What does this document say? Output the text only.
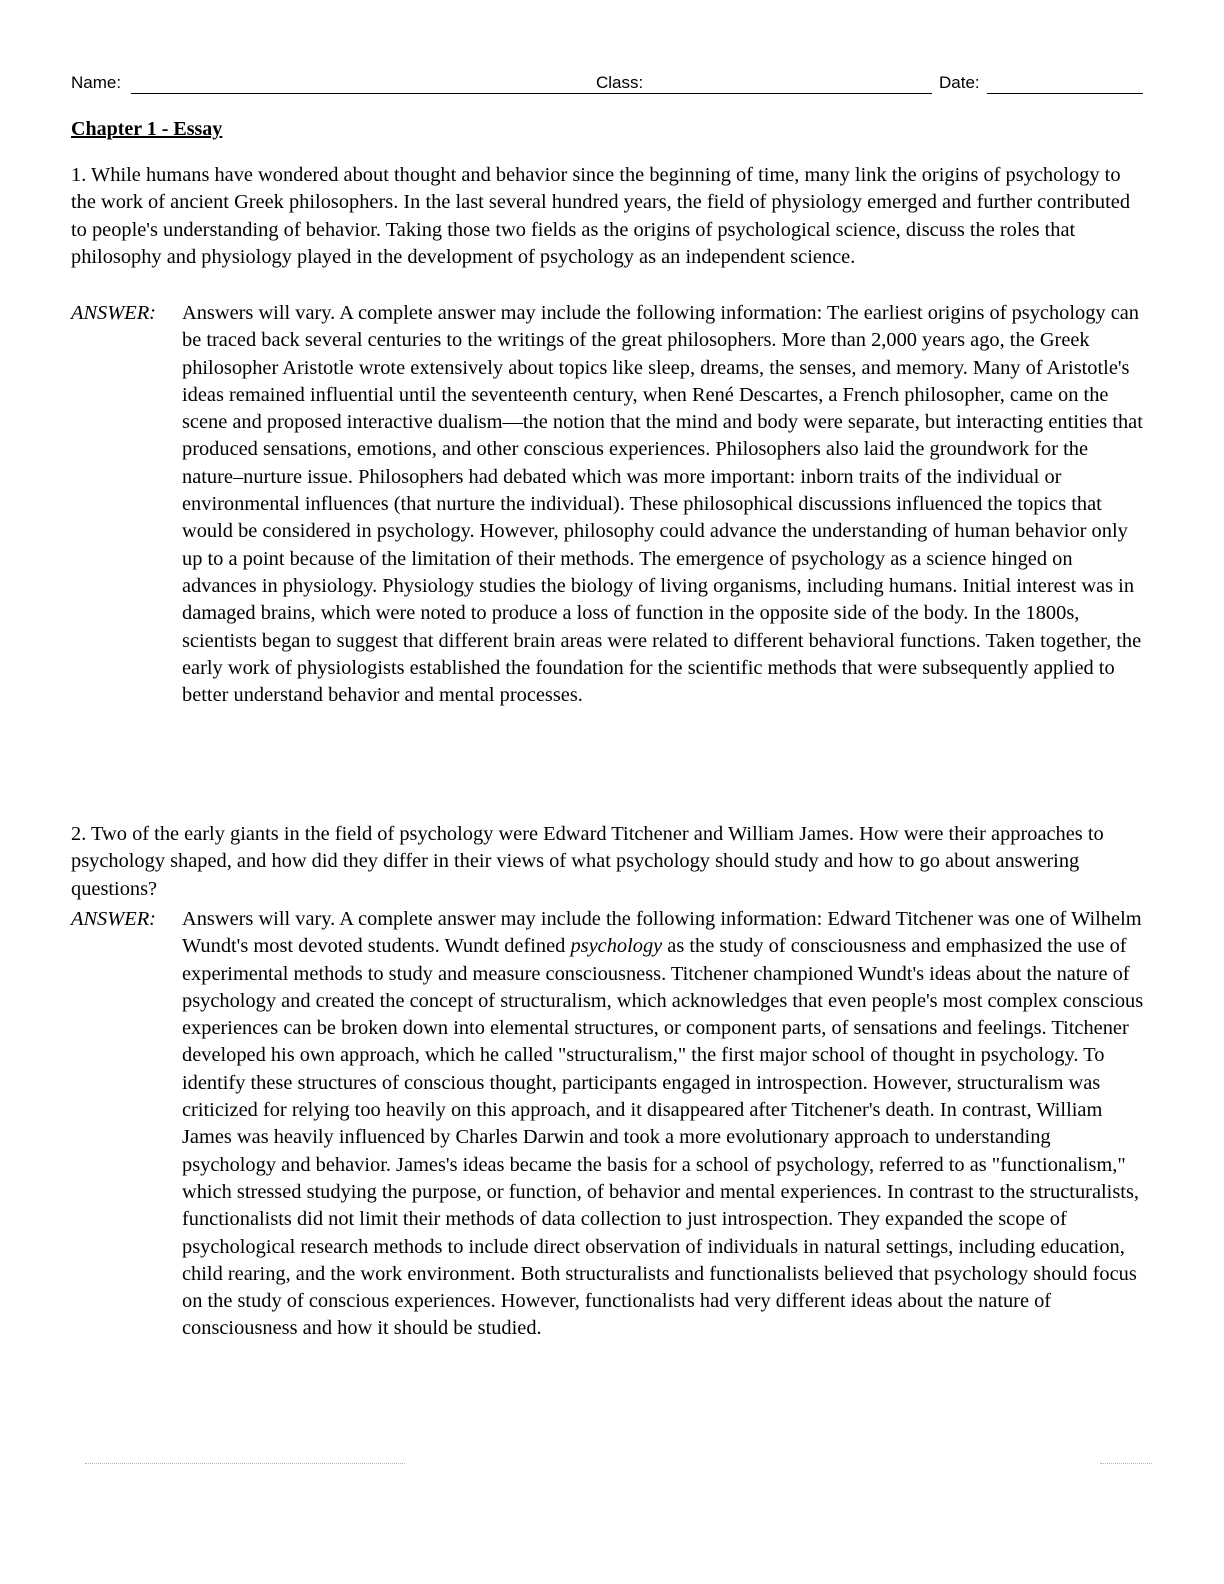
Name:	Class:	Date:
Chapter 1 - Essay

1. While humans have wondered about thought and behavior since the beginning of time, many link the origins of psychology to the work of ancient Greek philosophers. In the last several hundred years, the field of physiology emerged and further contributed to people's understanding of behavior. Taking those two fields as the origins of psychological science, discuss the roles that philosophy and physiology played in the development of psychology as an independent science.

ANSWER: Answers will vary. A complete answer may include the following information: The earliest origins of psychology can be traced back several centuries to the writings of the great philosophers. More than 2,000 years ago, the Greek philosopher Aristotle wrote extensively about topics like sleep, dreams, the senses, and memory. Many of Aristotle's ideas remained influential until the seventeenth century, when René Descartes, a French philosopher, came on the scene and proposed interactive dualism—the notion that the mind and body were separate, but interacting entities that produced sensations, emotions, and other conscious experiences. Philosophers also laid the groundwork for the nature–nurture issue. Philosophers had debated which was more important: inborn traits of the individual or environmental influences (that nurture the individual). These philosophical discussions influenced the topics that would be considered in psychology. However, philosophy could advance the understanding of human behavior only up to a point because of the limitation of their methods. The emergence of psychology as a science hinged on advances in physiology. Physiology studies the biology of living organisms, including humans. Initial interest was in damaged brains, which were noted to produce a loss of function in the opposite side of the body. In the 1800s, scientists began to suggest that different brain areas were related to different behavioral functions. Taken together, the early work of physiologists established the foundation for the scientific methods that were subsequently applied to better understand behavior and mental processes.

2. Two of the early giants in the field of psychology were Edward Titchener and William James. How were their approaches to psychology shaped, and how did they differ in their views of what psychology should study and how to go about answering questions?

ANSWER: Answers will vary. A complete answer may include the following information: Edward Titchener was one of Wilhelm Wundt's most devoted students. Wundt defined psychology as the study of consciousness and emphasized the use of experimental methods to study and measure consciousness. Titchener championed Wundt's ideas about the nature of psychology and created the concept of structuralism, which acknowledges that even people's most complex conscious experiences can be broken down into elemental structures, or component parts, of sensations and feelings. Titchener developed his own approach, which he called "structuralism," the first major school of thought in psychology. To identify these structures of conscious thought, participants engaged in introspection. However, structuralism was criticized for relying too heavily on this approach, and it disappeared after Titchener's death. In contrast, William James was heavily influenced by Charles Darwin and took a more evolutionary approach to understanding psychology and behavior. James's ideas became the basis for a school of psychology, referred to as "functionalism," which stressed studying the purpose, or function, of behavior and mental experiences. In contrast to the structuralists, functionalists did not limit their methods of data collection to just introspection. They expanded the scope of psychological research methods to include direct observation of individuals in natural settings, including education, child rearing, and the work environment. Both structuralists and functionalists believed that psychology should focus on the study of conscious experiences. However, functionalists had very different ideas about the nature of consciousness and how it should be studied.
